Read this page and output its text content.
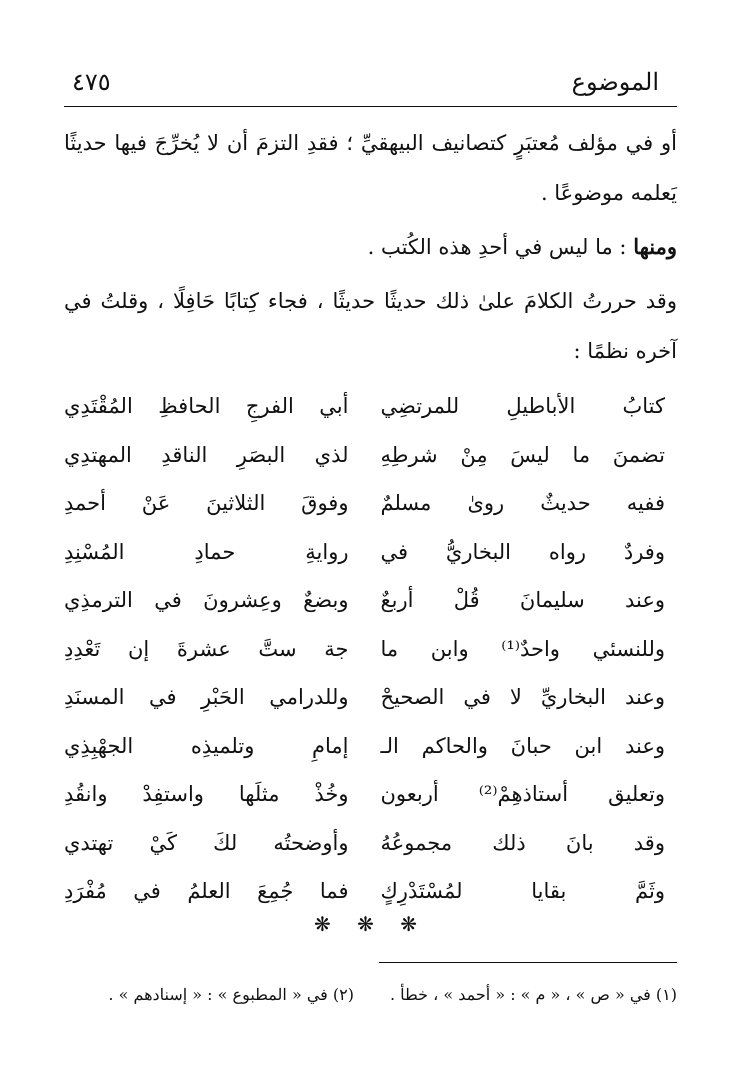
الموضوع
٤٧٥

أو في مؤلف مُعتبَرٍ كتصانيف البيهقيِّ ؛ فقدِ التزمَ أن لا يُخرِّجَ فيها حديثًا يَعلمه موضوعًا .

ومنها : ما ليس في أحدِ هذه الكُتب .

وقد حررتُ الكلامَ علىٰ ذلك حديثًا حديثًا ، فجاء كِتابًا حَافِلًا ، وقلتُ في آخره نظمًا :

كتابُ الأباطيلِ للمرتضِي
أبي الفرجِ الحافظِ المُقْتَدِي
تضمنَ ما ليسَ مِنْ شرطِهِ
لذي البصَرِ الناقدِ المهتدِي
ففيه حديثٌ روىٰ مسلمٌ
وفوقَ الثلاثينَ عَنْ أحمدِ
وفردٌ رواه البخاريُّ في
روايةِ حمادِ المُسْنِدِ
وعند سليمانَ قُلْ أربعٌ
وبضعٌ وعِشرونَ في الترمذِي
وللنسئي واحدٌ⁽¹⁾ وابن ما
جة ستَّ عشرةَ إن تَعْدِدِ
وعند البخاريِّ لا في الصحيحْ
وللدرامي الحَبْرِ في المسنَدِ
وعند ابن حبانَ والحاكم الـ
إمامِ وتلميذِه الجهْبِذِي
وتعليق أستاذهِمْ⁽²⁾ أربعون
وخُذْ مثلَها واستفِدْ وانقُدِ
وقد بانَ ذلك مجموعُهُ
وأوضحتُه لكَ كَيْ تهتدي
وثَمَّ بقايا لمُسْتَدْرِكٍ
فما جُمِعَ العلمُ في مُفْرَدِ
❋ ❋ ❋
(١) في « ص » ، « م » : « أحمد » ، خطأ .(٢) في « المطبوع » : « إسنادهم » .
